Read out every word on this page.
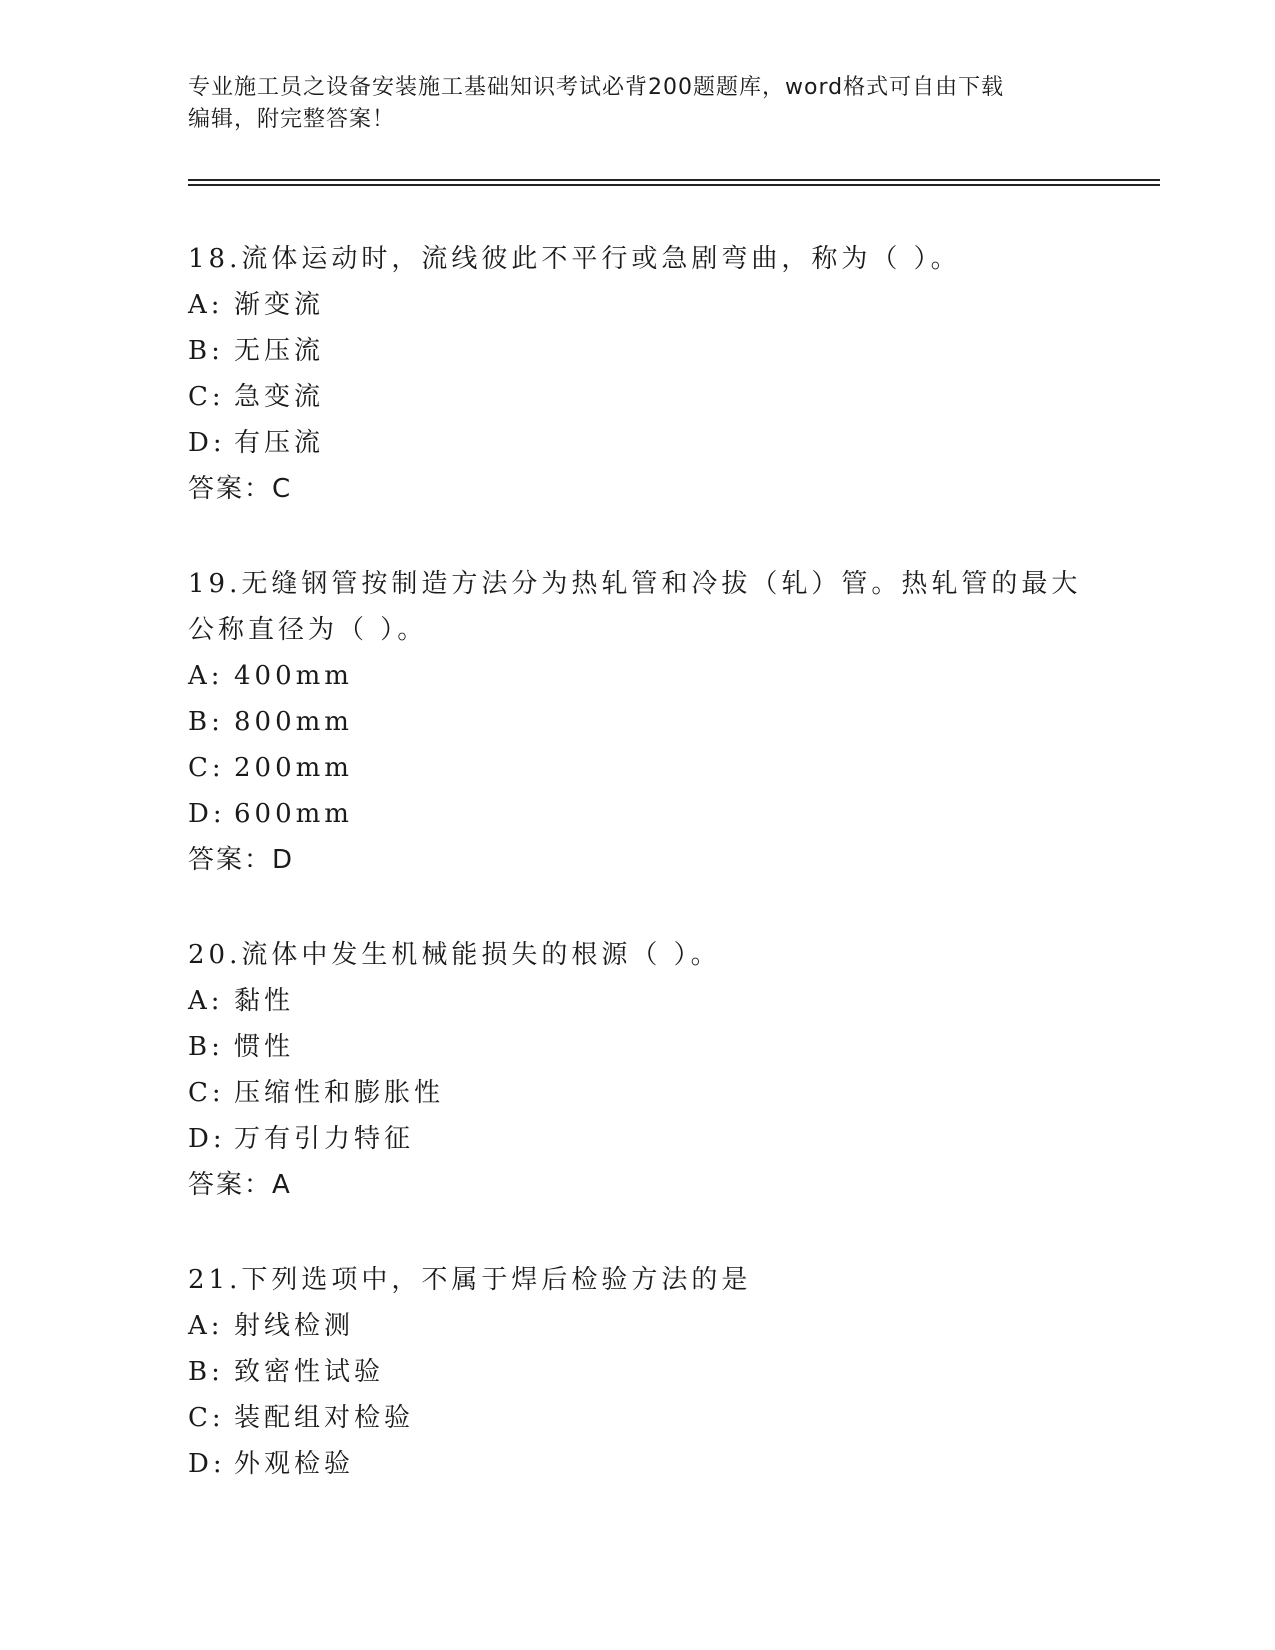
专业施工员之设备安装施工基础知识考试必背200题题库，word格式可自由下载
编辑，附完整答案！
18.流体运动时，流线彼此不平行或急剧弯曲，称为（ ）。
A: 渐变流
B: 无压流
C: 急变流
D: 有压流
答案：C
19.无缝钢管按制造方法分为热轧管和冷拔（轧）管。热轧管的最大公称直径为（ ）。
A: 400mm
B: 800mm
C: 200mm
D: 600mm
答案：D
20.流体中发生机械能损失的根源（ ）。
A: 黏性
B: 惯性
C: 压缩性和膨胀性
D: 万有引力特征
答案：A
21.下列选项中，不属于焊后检验方法的是
A: 射线检测
B: 致密性试验
C: 装配组对检验
D: 外观检验
